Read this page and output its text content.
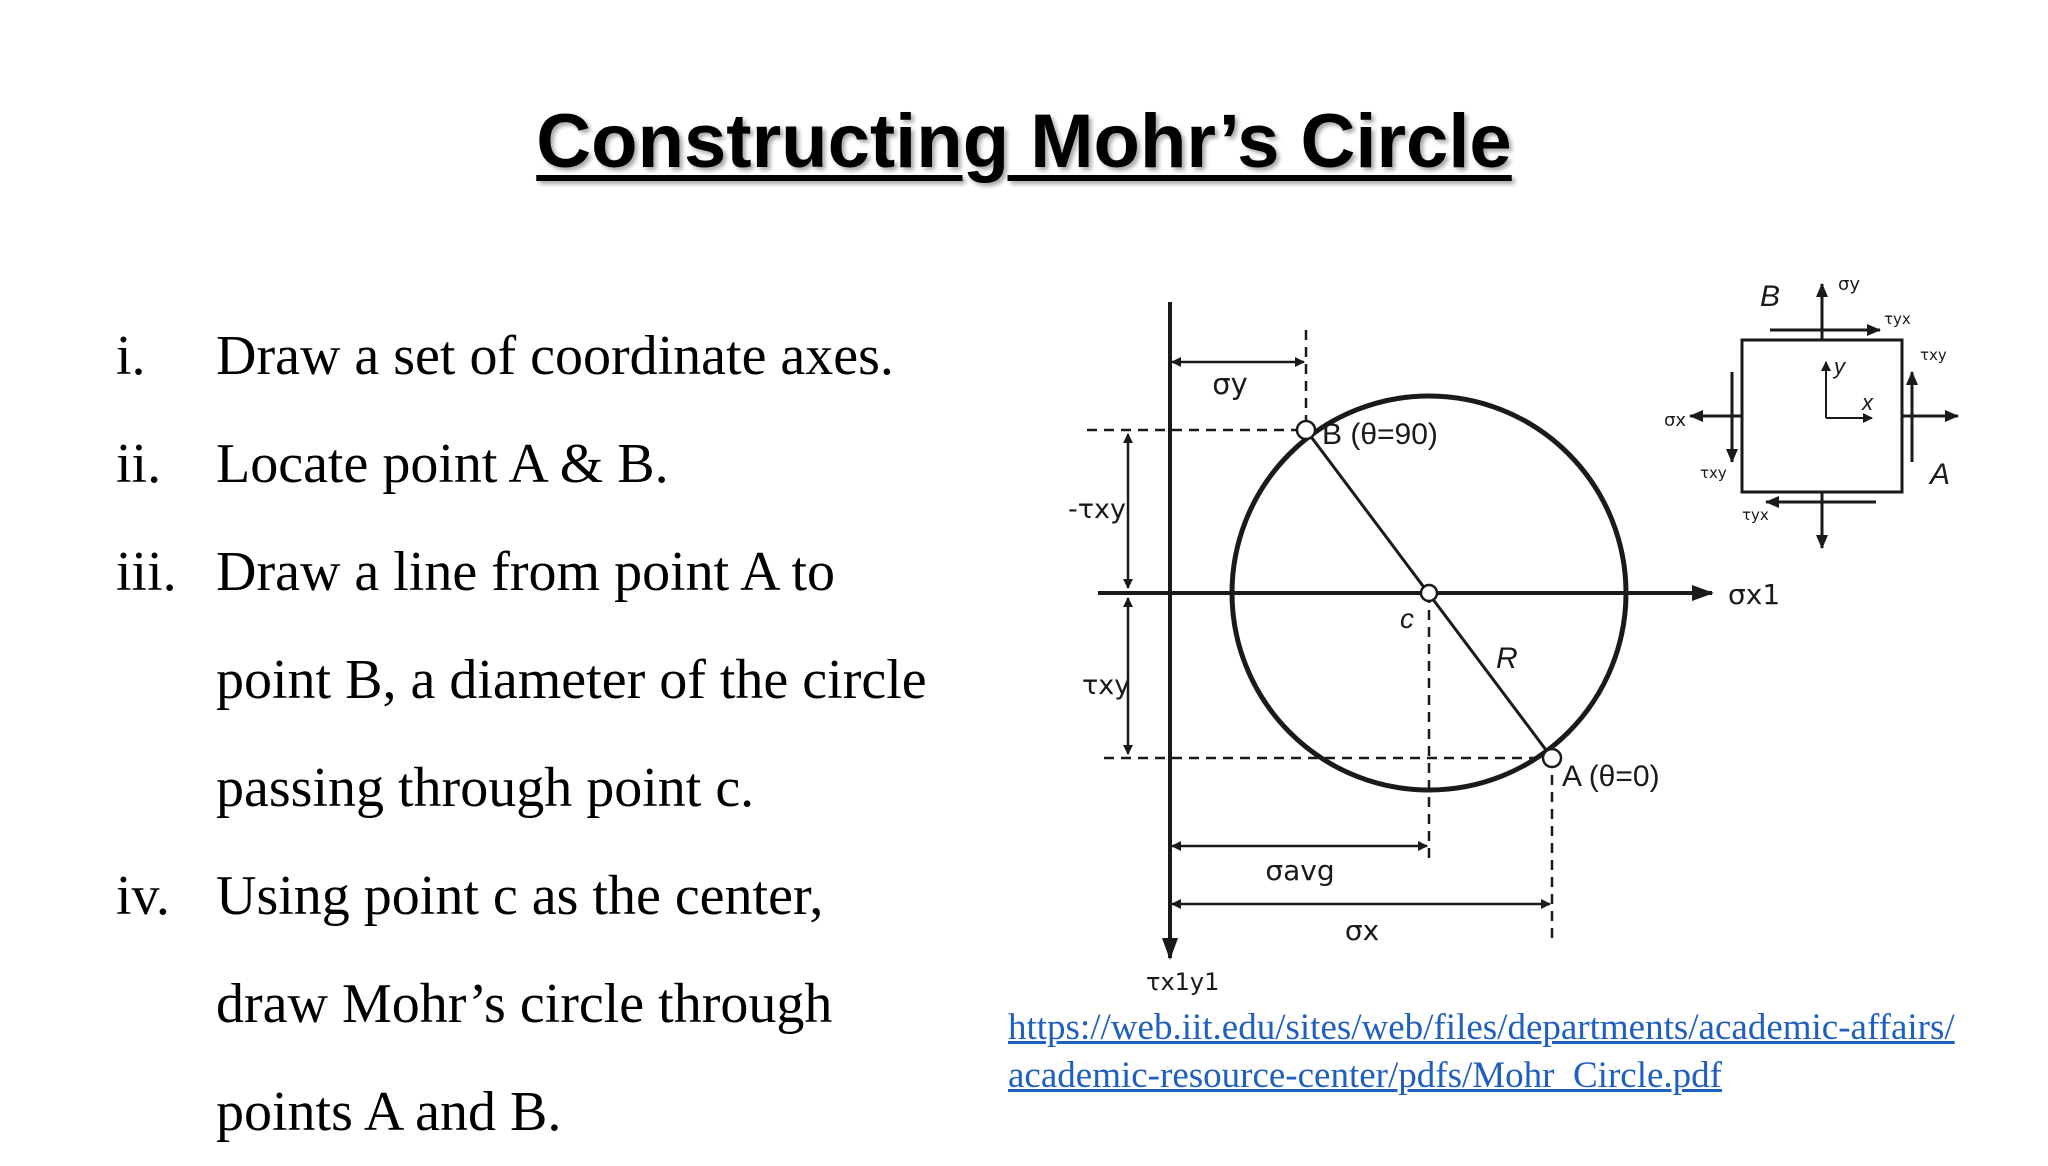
Constructing Mohr’s Circle
i. Draw a set of coordinate axes.
ii. Locate point A & B.
iii. Draw a line from point A to
point B, a diameter of the circle
passing through point c.
iv. Using point c as the center,
draw Mohr’s circle through
points A and B.
σy
B (θ=90)
-τxy
τxy
c
R
A (θ=0)
σx1
σavg
σx
τx1y1
B
A
σy
τyx
τxy
σx
τxy
τyx
y
x
https://web.iit.edu/sites/web/files/departments/academic-affairs/
academic-resource-center/pdfs/Mohr_Circle.pdf
